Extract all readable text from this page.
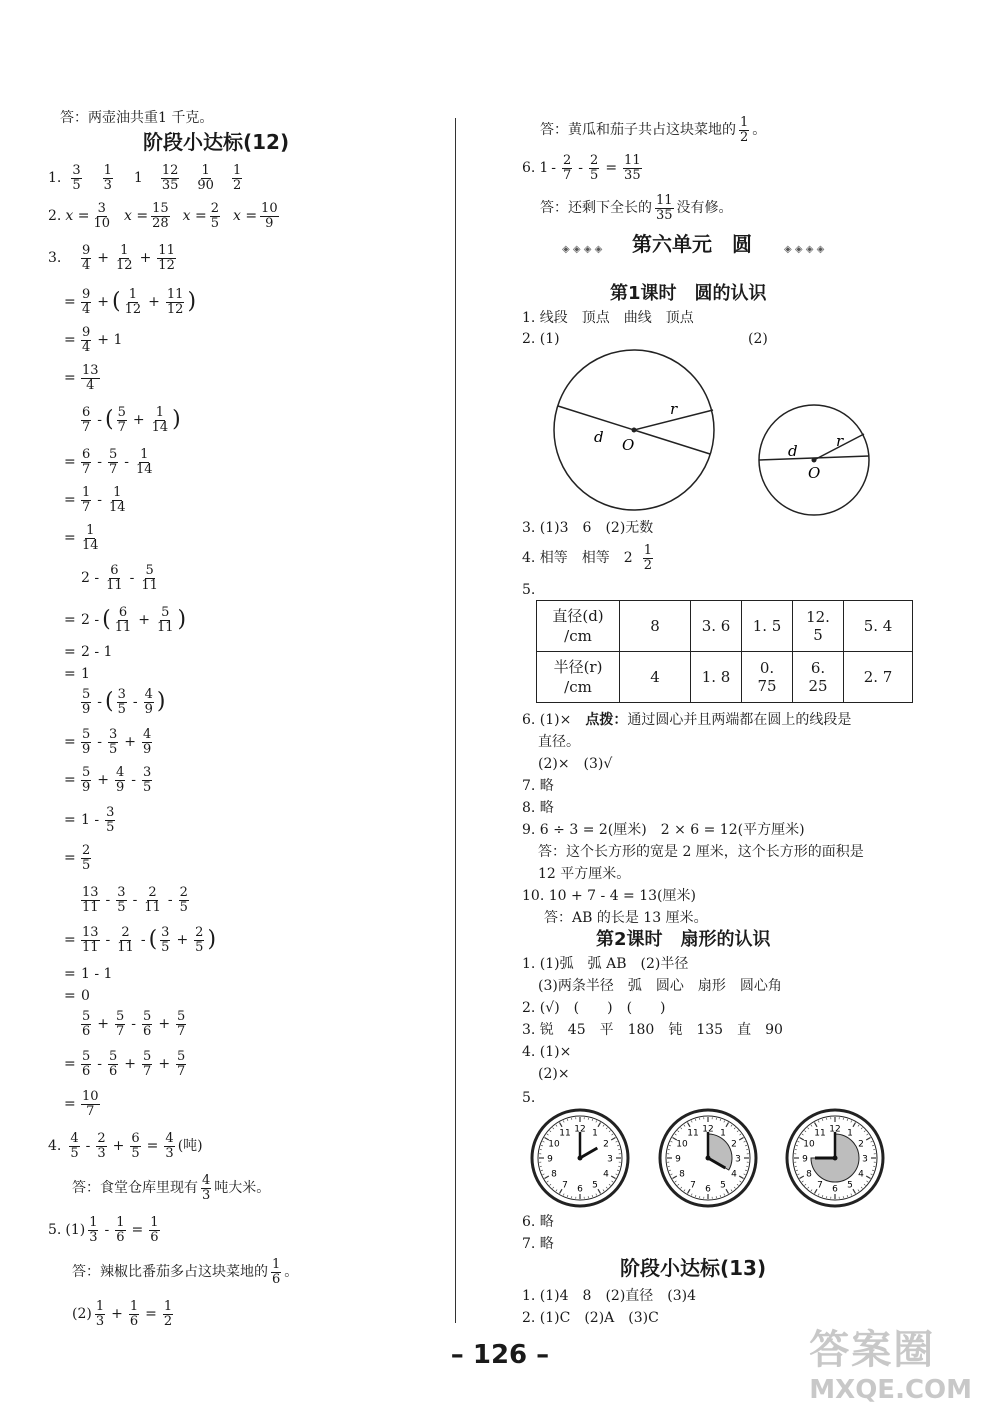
答：两壶油共重1 千克。
阶段小达标(12)
1. $\frac{3}{5} \frac{1}{3} 1 \frac{12}{35} \frac{1}{90} \frac{1}{2}$
2. $x = \frac{3}{10}$ $x = \frac{15}{28}$ $x = \frac{2}{5}$ $x = \frac{10}{9}$
3.	$\frac{9}{4} + \frac{1}{12} + \frac{11}{12}$
= $\frac{9}{4}$ + ( $\frac{1}{12} + \frac{11}{12}$ )
= $\frac{9}{4} + 1$
= $\frac{13}{4}$
$\frac{6}{7}$ - ( $\frac{5}{7} + \frac{1}{14}$ )
= $\frac{6}{7} - \frac{5}{7} - \frac{1}{14}$
= $\frac{1}{7} - \frac{1}{14}$
= $\frac{1}{14}$
$2 - \frac{6}{11} - \frac{5}{11}$
= 2 - ( $\frac{6}{11} + \frac{5}{11}$ )
= 2 - 1
= 1
$\frac{5}{9}$ - ( $\frac{3}{5} - \frac{4}{9}$ )
= $\frac{5}{9} - \frac{3}{5} + \frac{4}{9}$
= $\frac{5}{9} + \frac{4}{9} - \frac{3}{5}$
= $1 - \frac{3}{5}$
= $\frac{2}{5}$
$\frac{13}{11} - \frac{3}{5} - \frac{2}{11} - \frac{2}{5}$
= $\frac{13}{11} - \frac{2}{11}$ - ( $\frac{3}{5} + \frac{2}{5}$ )
= 1 - 1
= 0
$\frac{5}{6} + \frac{5}{7} - \frac{5}{6} + \frac{5}{7}$
= $\frac{5}{6} - \frac{5}{6} + \frac{5}{7} + \frac{5}{7}$
= $\frac{10}{7}$
4. $\frac{4}{5} - \frac{2}{3} + \frac{6}{5} = \frac{4}{3}$ (吨)
答：食堂仓库里现有 $\frac{4}{3}$ 吨大米。
5. $(1) \frac{1}{3} - \frac{1}{6} = \frac{1}{6}$
答：辣椒比番茄多占这块菜地的 $\frac{1}{6}$ 。
$(2) \frac{1}{3} + \frac{1}{6} = \frac{1}{2}$
答：黄瓜和茄子共占这块菜地的 $\frac{1}{2}$ 。
6. $1 - \frac{2}{7} - \frac{2}{5} = \frac{11}{35}$
答：还剩下全长的 $\frac{11}{35}$ 没有修。
◈ ◈ ◈ ◈ 第六单元　圆	◈ ◈ ◈ ◈
第1课时　圆的认识
1. 线段　顶点　曲线　顶点
2. (1)	(2)
r
d O	r
d
O
3. (1)3　6　(2)无数
4. 相等　相等　$2 \frac{1}{2}$
5.
直径(d)
/cm	8	3. 6	1. 5	12. 5	5. 4
半径(r)
/cm	4	1. 8	0. 75	6. 25	2. 7
6. (1)×　点拨：通过圆心并且两端都在圆上的线段是
直径。
(2)×　(3)√
7. 略
8. 略
9. 6 ÷ 3 = 2(厘米)　2 × 6 = 12(平方厘米)
答：这个长方形的宽是 2 厘米，这个长方形的面积是
12 平方厘米。
10. 10 + 7 - 4 = 13(厘米)
答：AB 的长是 13 厘米。
第2课时　扇形的认识
1. (1)弧　弧 AB　(2)半径
(3)两条半径　弧　圆心　扇形　圆心角
2. (√)　(　　)　(　　)
3. 锐　45　平　180　钝　135　直　90
4. (1)×
(2)×
5.
12 1
2
3
4
5
6
7
8
9
10
11	12 1
2
3
4
5
6
7
8
9
10
11	12 1
2
3
4
5
6
7
8
9
10
11
6. 略
7. 略
阶段小达标(13)
1. (1)4　8　(2)直径　(3)4
2. (1)C　(2)A　(3)C
– 126 –	答案圈
MXQE.COM
